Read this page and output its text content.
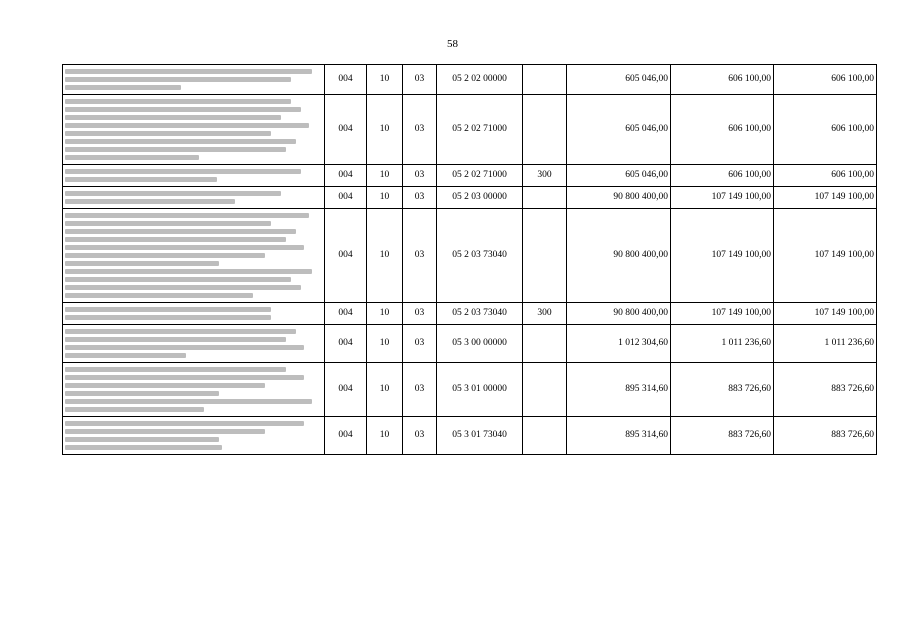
58
	004	10	03	05 2 02 00000		605 046,00	606 100,00	606 100,00

	004	10	03	05 2 02 71000		605 046,00	606 100,00	606 100,00

	004	10	03	05 2 02 71000	300	605 046,00	606 100,00	606 100,00

	004	10	03	05 2 03 00000		90 800 400,00	107 149 100,00	107 149 100,00

	004	10	03	05 2 03 73040		90 800 400,00	107 149 100,00	107 149 100,00

	004	10	03	05 2 03 73040	300	90 800 400,00	107 149 100,00	107 149 100,00

	004	10	03	05 3 00 00000		1 012 304,60	1 011 236,60	1 011 236,60

	004	10	03	05 3 01 00000		895 314,60	883 726,60	883 726,60

	004	10	03	05 3 01 73040		895 314,60	883 726,60	883 726,60
